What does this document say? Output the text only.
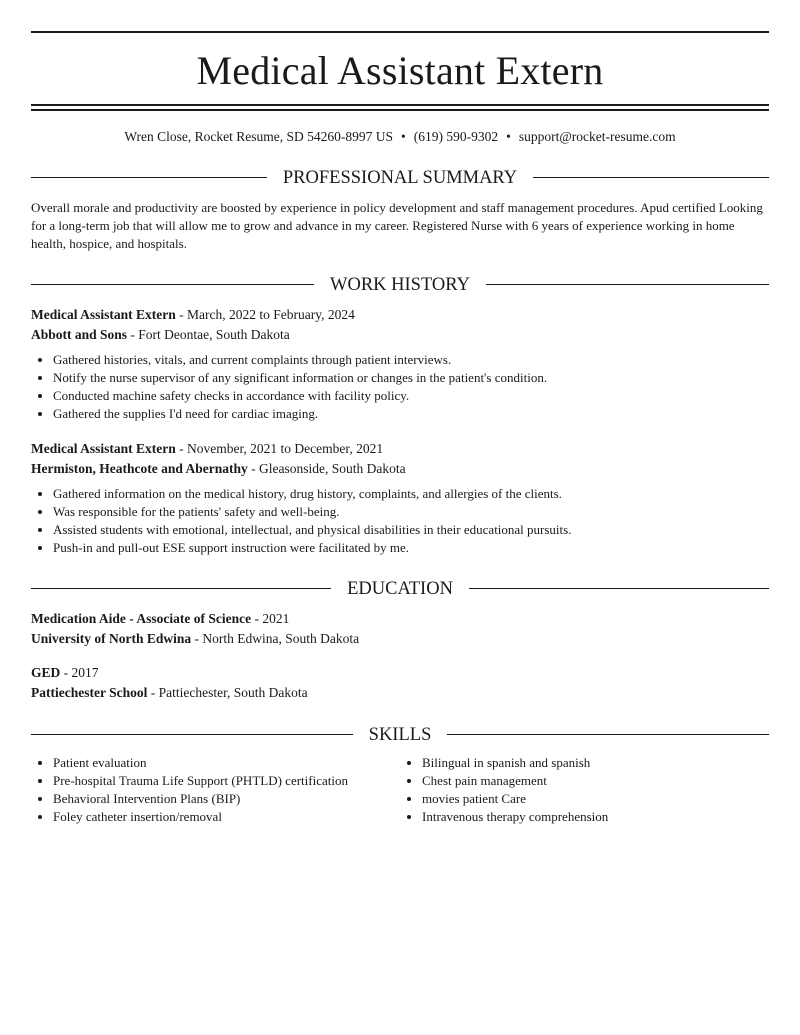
Medical Assistant Extern
Wren Close, Rocket Resume, SD 54260-8997 US • (619) 590-9302 • support@rocket-resume.com
PROFESSIONAL SUMMARY
Overall morale and productivity are boosted by experience in policy development and staff management procedures. Apud certified Looking for a long-term job that will allow me to grow and advance in my career. Registered Nurse with 6 years of experience working in home health, hospice, and hospitals.
WORK HISTORY
Medical Assistant Extern - March, 2022 to February, 2024
Abbott and Sons - Fort Deontae, South Dakota
• Gathered histories, vitals, and current complaints through patient interviews.
• Notify the nurse supervisor of any significant information or changes in the patient's condition.
• Conducted machine safety checks in accordance with facility policy.
• Gathered the supplies I'd need for cardiac imaging.
Medical Assistant Extern - November, 2021 to December, 2021
Hermiston, Heathcote and Abernathy - Gleasonside, South Dakota
• Gathered information on the medical history, drug history, complaints, and allergies of the clients.
• Was responsible for the patients' safety and well-being.
• Assisted students with emotional, intellectual, and physical disabilities in their educational pursuits.
• Push-in and pull-out ESE support instruction were facilitated by me.
EDUCATION
Medication Aide - Associate of Science - 2021
University of North Edwina - North Edwina, South Dakota
GED - 2017
Pattiechester School - Pattiechester, South Dakota
SKILLS
• Patient evaluation
• Pre-hospital Trauma Life Support (PHTLD) certification
• Behavioral Intervention Plans (BIP)
• Foley catheter insertion/removal
• Bilingual in spanish and spanish
• Chest pain management
• movies patient Care
• Intravenous therapy comprehension
